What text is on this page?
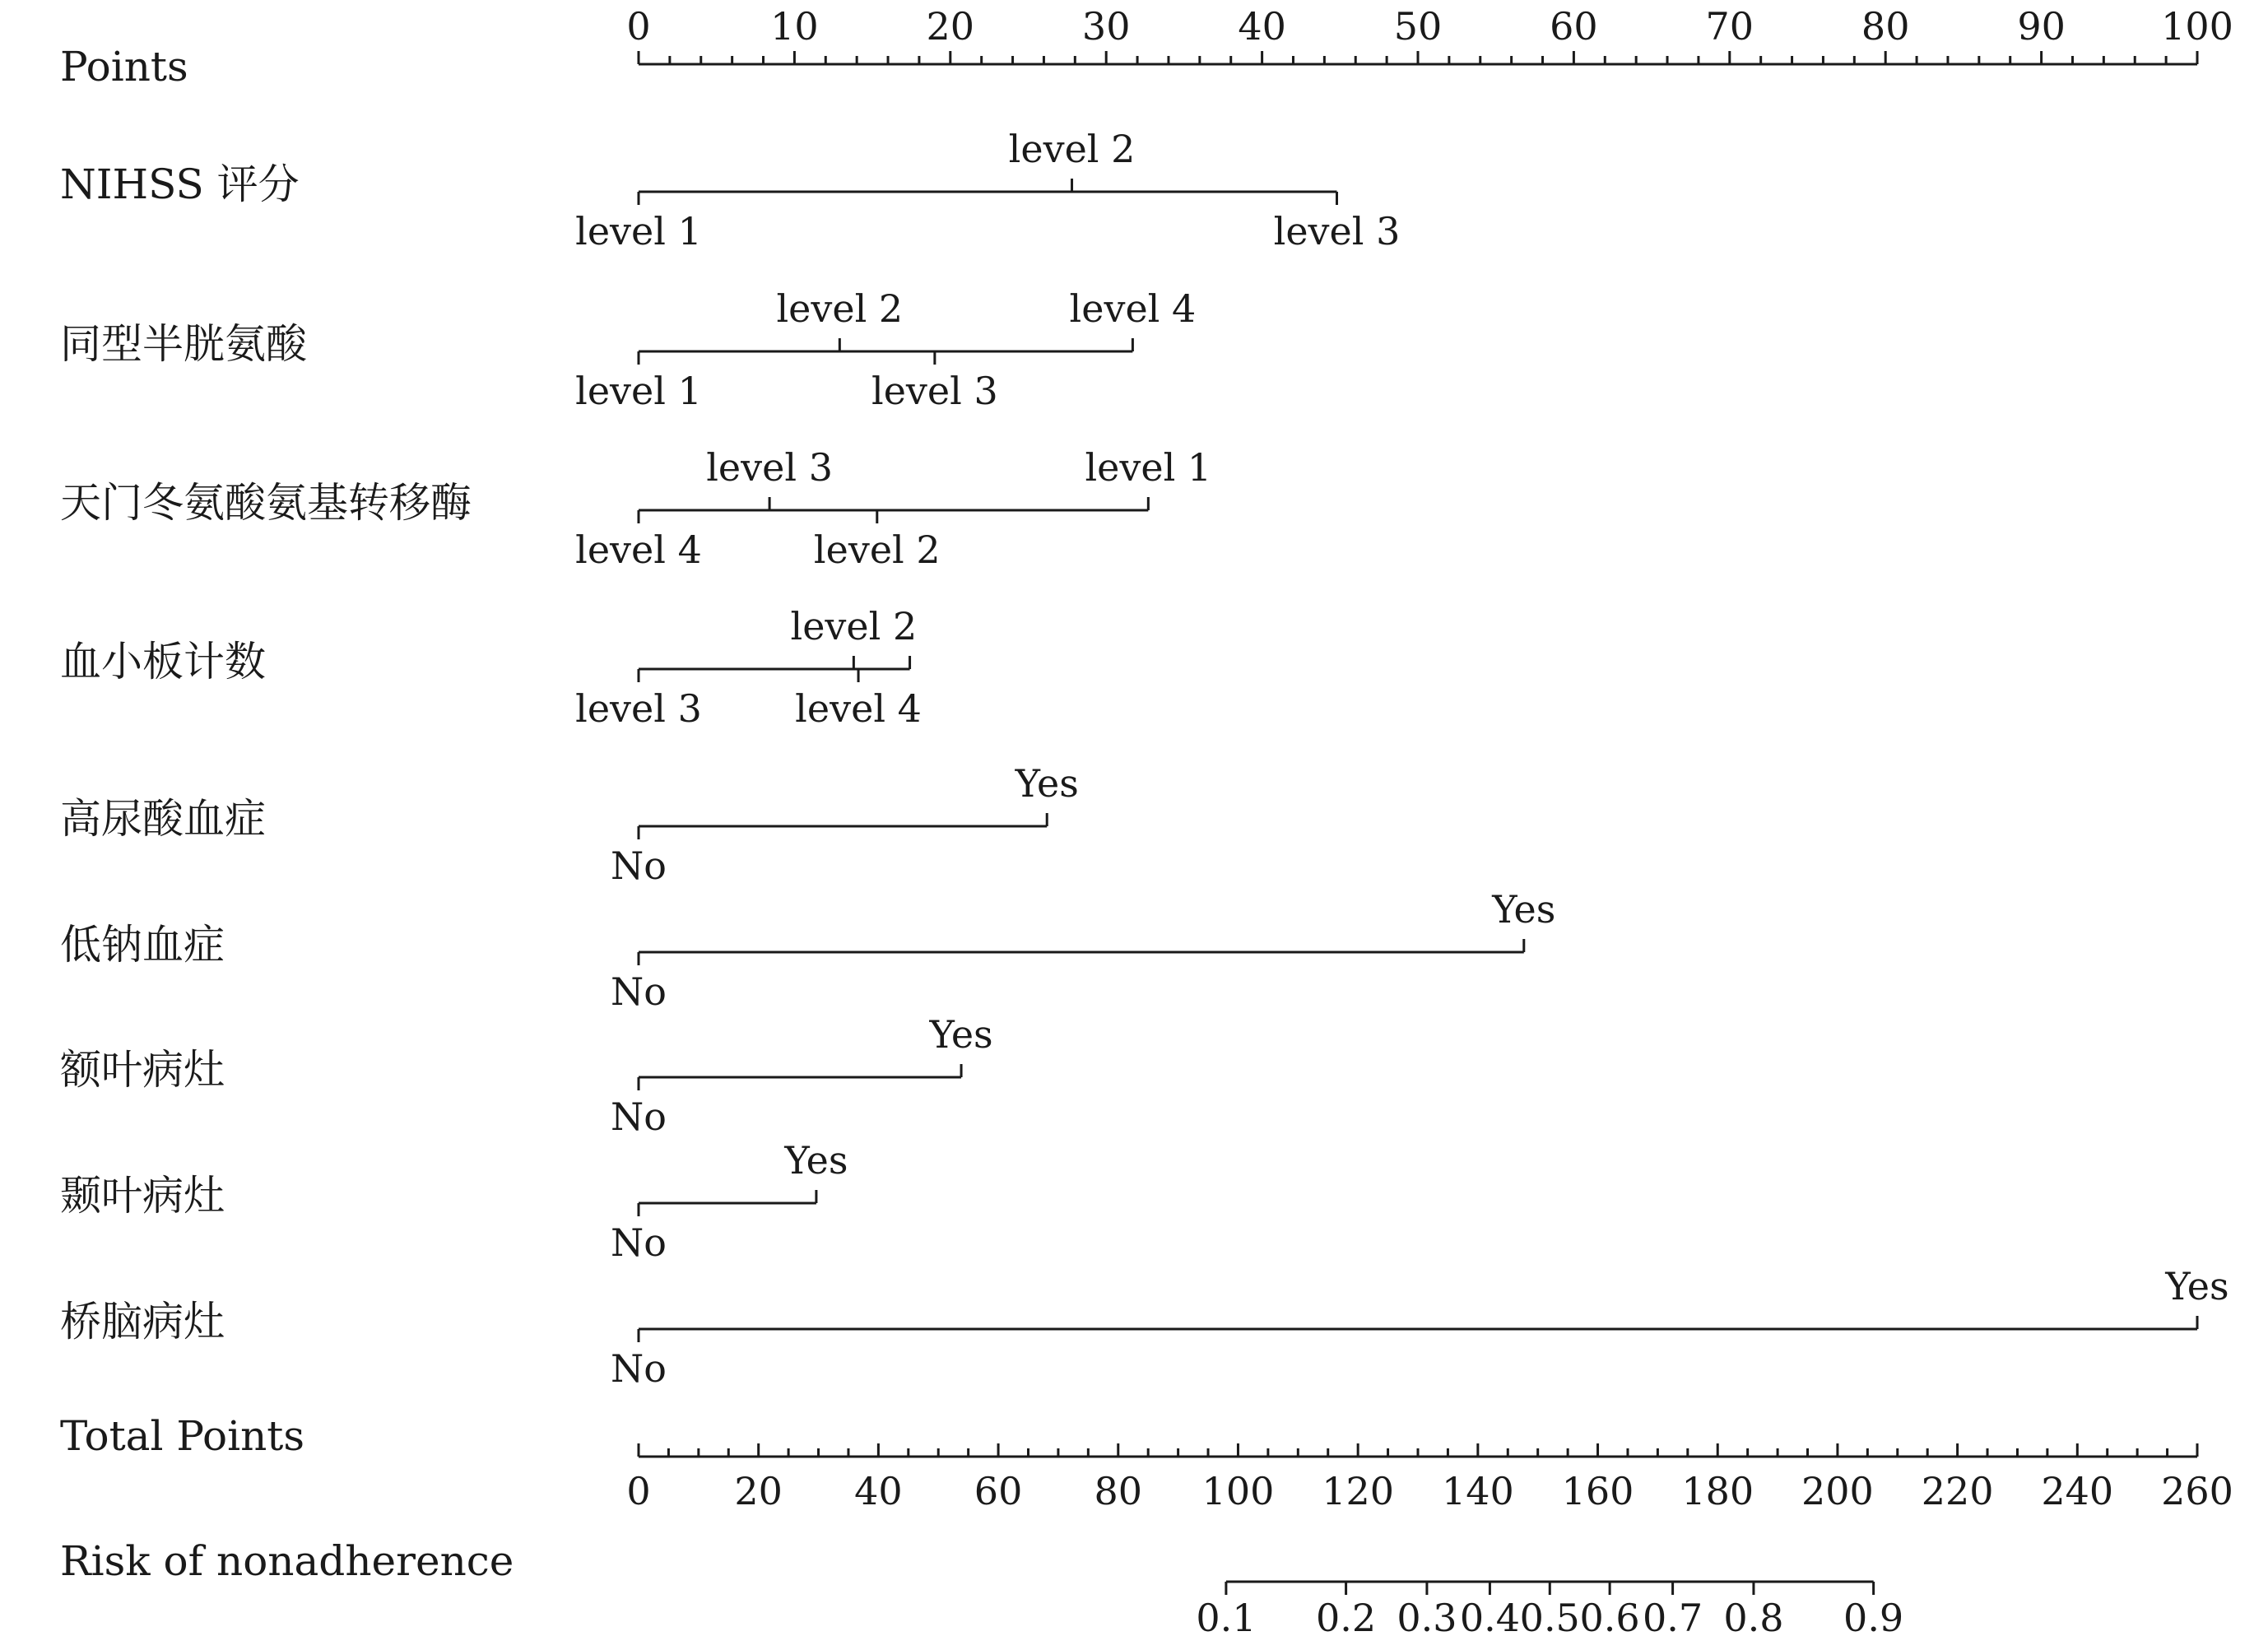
Points
0	10	20	30	40	50	60	70	80	90	100
NIHSS 评分
level 1
level 2
level 3
同型半胱氨酸
level 1
level 2
level 3
level 4
天门冬氨酸氨基转移酶
level 4
level 3
level 2
level 1
血小板计数
level 3
level 2
level 4
高尿酸血症
No
Yes
低钠血症
No
Yes
额叶病灶
No
Yes
颞叶病灶
No
Yes
桥脑病灶
No
Yes
Total Points
0 20 40 60 80 100 120 140 160 180 200 220 240 260
Risk of nonadherence
0.1 0.2 0.3 0.4 0.5 0.6 0.7 0.8 0.9
